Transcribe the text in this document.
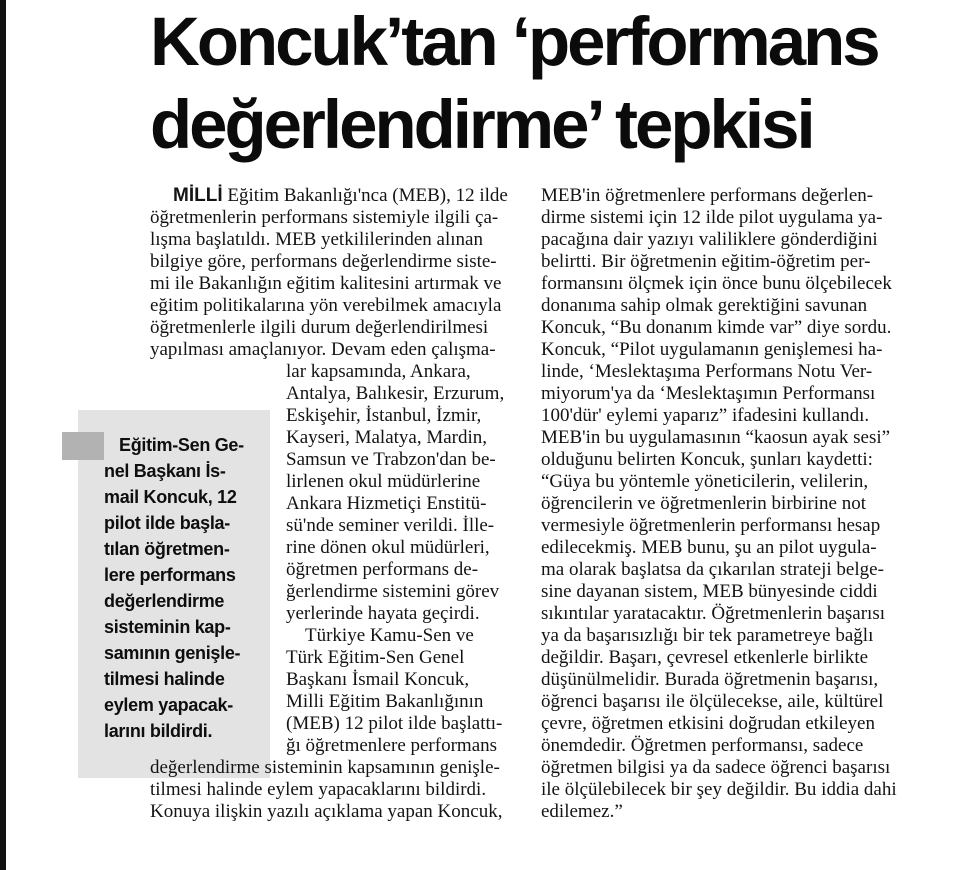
Koncuk’tan ‘performans
değerlendirme’ tepkisi
MİLLİ Eğitim Bakanlığı'nca (MEB), 12 ilde
öğretmenlerin performans sistemiyle ilgili ça-
lışma başlatıldı. MEB yetkililerinden alınan
bilgiye göre, performans değerlendirme siste-
mi ile Bakanlığın eğitim kalitesini artırmak ve
eğitim politikalarına yön verebilmek amacıyla
öğretmenlerle ilgili durum değerlendirilmesi
yapılması amaçlanıyor. Devam eden çalışma-
lar kapsamında, Ankara,
Antalya, Balıkesir, Erzurum,
Eskişehir, İstanbul, İzmir,
Kayseri, Malatya, Mardin,
Samsun ve Trabzon'dan be-
lirlenen okul müdürlerine
Ankara Hizmetiçi Enstitü-
sü'nde seminer verildi. İlle-
rine dönen okul müdürleri,
öğretmen performans de-
ğerlendirme sistemini görev
yerlerinde hayata geçirdi.
Türkiye Kamu-Sen ve
Türk Eğitim-Sen Genel
Başkanı İsmail Koncuk,
Milli Eğitim Bakanlığının
(MEB) 12 pilot ilde başlattı-
ğı öğretmenlere performans
değerlendirme sisteminin kapsamının genişle-
tilmesi halinde eylem yapacaklarını bildirdi.
Konuya ilişkin yazılı açıklama yapan Koncuk,
MEB'in öğretmenlere performans değerlen-
dirme sistemi için 12 ilde pilot uygulama ya-
pacağına dair yazıyı valiliklere gönderdiğini
belirtti. Bir öğretmenin eğitim-öğretim per-
formansını ölçmek için önce bunu ölçebilecek
donanıma sahip olmak gerektiğini savunan
Koncuk, “Bu donanım kimde var” diye sordu.
Koncuk, “Pilot uygulamanın genişlemesi ha-
linde, ‘Meslektaşıma Performans Notu Ver-
miyorum'ya da ‘Meslektaşımın Performansı
100'dür' eylemi yaparız” ifadesini kullandı.
MEB'in bu uygulamasının “kaosun ayak sesi”
olduğunu belirten Koncuk, şunları kaydetti:
“Güya bu yöntemle yöneticilerin, velilerin,
öğrencilerin ve öğretmenlerin birbirine not
vermesiyle öğretmenlerin performansı hesap
edilecekmiş. MEB bunu, şu an pilot uygula-
ma olarak başlatsa da çıkarılan strateji belge-
sine dayanan sistem, MEB bünyesinde ciddi
sıkıntılar yaratacaktır. Öğretmenlerin başarısı
ya da başarısızlığı bir tek parametreye bağlı
değildir. Başarı, çevresel etkenlerle birlikte
düşünülmelidir. Burada öğretmenin başarısı,
öğrenci başarısı ile ölçülecekse, aile, kültürel
çevre, öğretmen etkisini doğrudan etkileyen
önemdedir. Öğretmen performansı, sadece
öğretmen bilgisi ya da sadece öğrenci başarısı
ile ölçülebilecek bir şey değildir. Bu iddia dahi
edilemez.”
Eğitim-Sen Ge-
nel Başkanı İs-
mail Koncuk, 12
pilot ilde başla-
tılan öğretmen-
lere performans
değerlendirme
sisteminin kap-
samının genişle-
tilmesi halinde
eylem yapacak-
larını bildirdi.
